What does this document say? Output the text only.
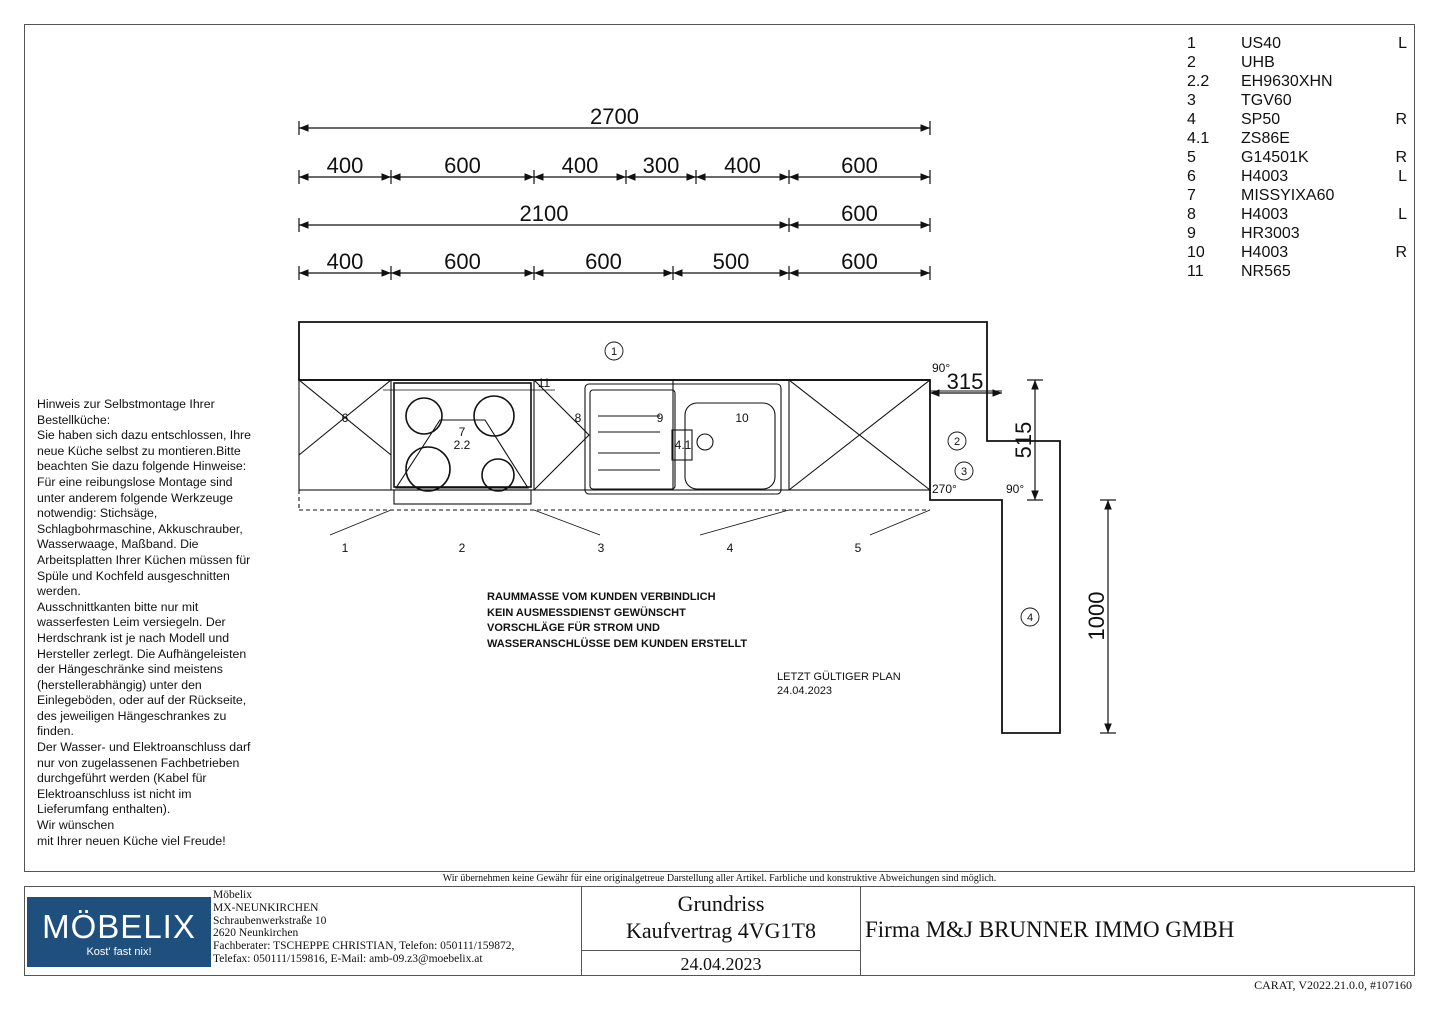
2700
400	600	400 300 400	600
2100	600
400	600	600	500	600
315
515
1000
90°
270°	90°
6
7
2.2
11
8	9
4.1
10
1	2	3	4	5
1
2
3
4
1	US40	L
2	UHB
2.2	EH9630XHN
3	TGV60
4	SP50	R
4.1	ZS86E
5	G14501K	R
6	H4003	L
7	MISSYIXA60
8	H4003	L
9	HR3003
10	H4003	R
11	NR565
Hinweis zur Selbstmontage Ihrer
Bestellküche:
Sie haben sich dazu entschlossen, Ihre
neue Küche selbst zu montieren.Bitte
beachten Sie dazu folgende Hinweise:
Für eine reibungslose Montage sind
unter anderem folgende Werkzeuge
notwendig: Stichsäge,
Schlagbohrmaschine, Akkuschrauber,
Wasserwaage, Maßband. Die
Arbeitsplatten Ihrer Küchen müssen für
Spüle und Kochfeld ausgeschnitten
werden.
Ausschnittkanten bitte nur mit
wasserfesten Leim versiegeln. Der
Herdschrank ist je nach Modell und
Hersteller zerlegt. Die Aufhängeleisten
der Hängeschränke sind meistens
(herstellerabhängig) unter den
Einlegeböden, oder auf der Rückseite,
des jeweiligen Hängeschrankes zu finden.
Der Wasser- und Elektroanschluss darf
nur von zugelassenen Fachbetrieben
durchgeführt werden (Kabel für
Elektroanschluss ist nicht im
Lieferumfang enthalten).
Wir wünschen
mit Ihrer neuen Küche viel Freude!
RAUMMASSE VOM KUNDEN VERBINDLICH
KEIN AUSMESSDIENST GEWÜNSCHT
VORSCHLÄGE FÜR STROM UND
WASSERANSCHLÜSSE DEM KUNDEN ERSTELLT
LETZT GÜLTIGER PLAN
24.04.2023
Wir übernehmen keine Gewähr für eine originalgetreue Darstellung aller Artikel. Farbliche und konstruktive Abweichungen sind möglich.
MÖBELIX
Kost' fast nix!
Möbelix
MX-NEUNKIRCHEN
Schraubenwerkstraße 10
2620 Neunkirchen
Fachberater: TSCHEPPE CHRISTIAN, Telefon: 050111/159872,
Telefax: 050111/159816, E-Mail: amb-09.z3@moebelix.at
Grundriss
Kaufvertrag 4VG1T8
24.04.2023
Firma M&J BRUNNER IMMO GMBH
CARAT, V2022.21.0.0, #107160
